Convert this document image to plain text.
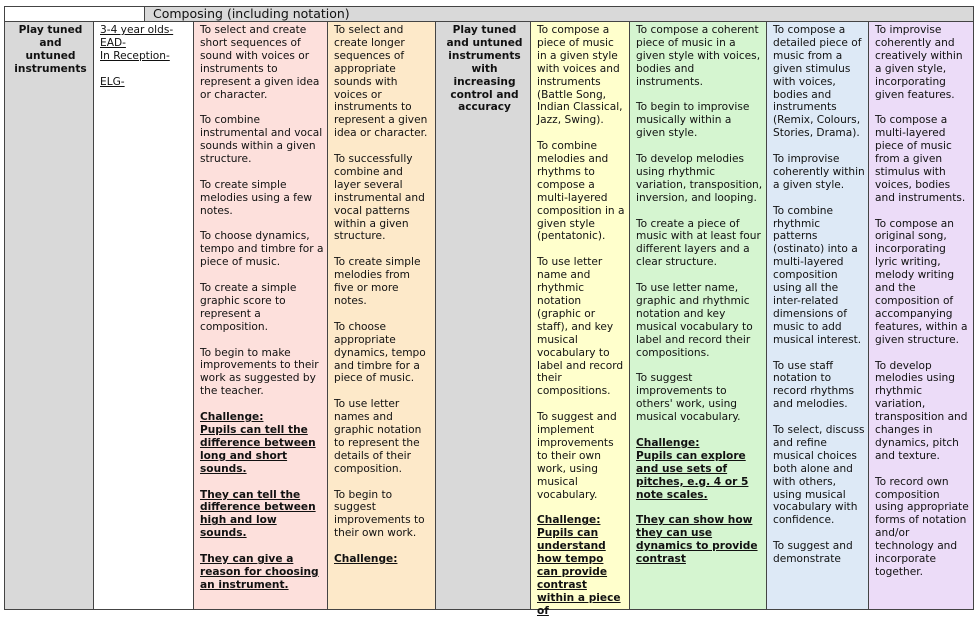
Composing (including notation)
Play tuned and untuned instruments
3-4 year olds-
EAD-
In Reception-
ELG-
To select and create short sequences of sound with voices or instruments to represent a given idea or character.
To combine instrumental and vocal sounds within a given structure.
To create simple melodies using a few notes.
To choose dynamics, tempo and timbre for a piece of music.
To create a simple graphic score to represent a composition.
To begin to make improvements to their work as suggested by the teacher.
Challenge:
Pupils can tell the difference between long and short sounds.
They can tell the difference between high and low sounds.
They can give a reason for choosing an instrument.
To select and create longer sequences of appropriate sounds with voices or instruments to represent a given idea or character.
To successfully combine and layer several instrumental and vocal patterns within a given structure.
To create simple melodies from five or more notes.
To choose appropriate dynamics, tempo and timbre for a piece of music.
To use letter names and graphic notation to represent the details of their composition.
To begin to suggest improvements to their own work.
Challenge:
Play tuned and untuned instruments with increasing control and accuracy
To compose a piece of music in a given style with voices and instruments (Battle Song, Indian Classical, Jazz, Swing).
To combine melodies and rhythms to compose a multi-layered composition in a given style (pentatonic).
To use letter name and rhythmic notation (graphic or staff), and key musical vocabulary to label and record their compositions.
To suggest and implement improvements to their own work, using musical vocabulary.
Challenge:
Pupils can understand how tempo can provide contrast within a piece of
To compose a coherent piece of music in a given style with voices, bodies and instruments.
To begin to improvise musically within a given style.
To develop melodies using rhythmic variation, transposition, inversion, and looping.
To create a piece of music with at least four different layers and a clear structure.
To use letter name, graphic and rhythmic notation and key musical vocabulary to label and record their compositions.
To suggest improvements to others' work, using musical vocabulary.
Challenge:
Pupils can explore and use sets of pitches, e.g. 4 or 5 note scales.
They can show how they can use dynamics to provide contrast
To compose a detailed piece of music from a given stimulus with voices, bodies and instruments (Remix, Colours, Stories, Drama).
To improvise coherently within a given style.
To combine rhythmic patterns (ostinato) into a multi-layered composition using all the inter-related dimensions of music to add musical interest.
To use staff notation to record rhythms and melodies.
To select, discuss and refine musical choices both alone and with others, using musical vocabulary with confidence.
To suggest and demonstrate
To improvise coherently and creatively within a given style, incorporating given features.
To compose a multi-layered piece of music from a given stimulus with voices, bodies and instruments.
To compose an original song, incorporating lyric writing, melody writing and the composition of accompanying features, within a given structure.
To develop melodies using rhythmic variation, transposition and changes in dynamics, pitch and texture.
To record own composition using appropriate forms of notation and/or technology and incorporate together.
